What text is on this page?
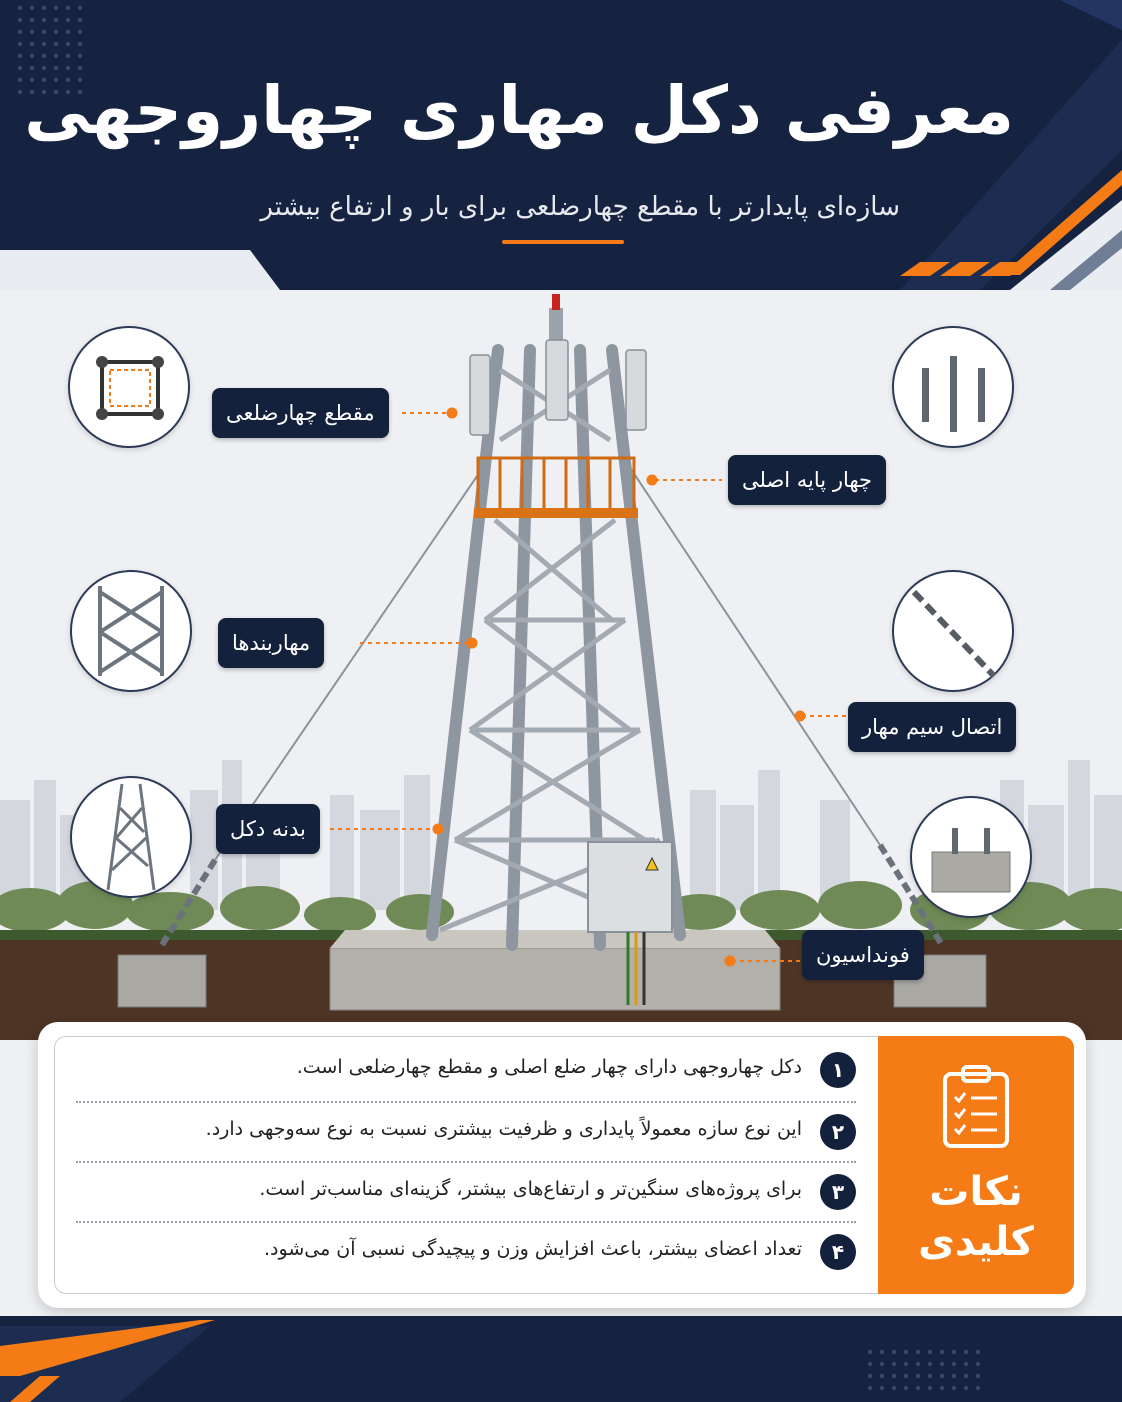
معرفی دکل مهاری چهاروجهی
سازه‌ای پایدارتر با مقطع چهارضلعی برای بار و ارتفاع بیشتر
مقطع چهارضلعی
چهار پایه اصلی
مهاربندها
اتصال سیم مهار
بدنه دکل
فونداسیون
نکات
کلیدی
۱
دکل چهاروجهی دارای چهار ضلع اصلی و مقطع چهارضلعی است.
۲
این نوع سازه معمولاً پایداری و ظرفیت بیشتری نسبت به نوع سه‌وجهی دارد.
۳
برای پروژه‌های سنگین‌تر و ارتفاع‌های بیشتر، گزینه‌ای مناسب‌تر است.
۴
تعداد اعضای بیشتر، باعث افزایش وزن و پیچیدگی نسبی آن می‌شود.
